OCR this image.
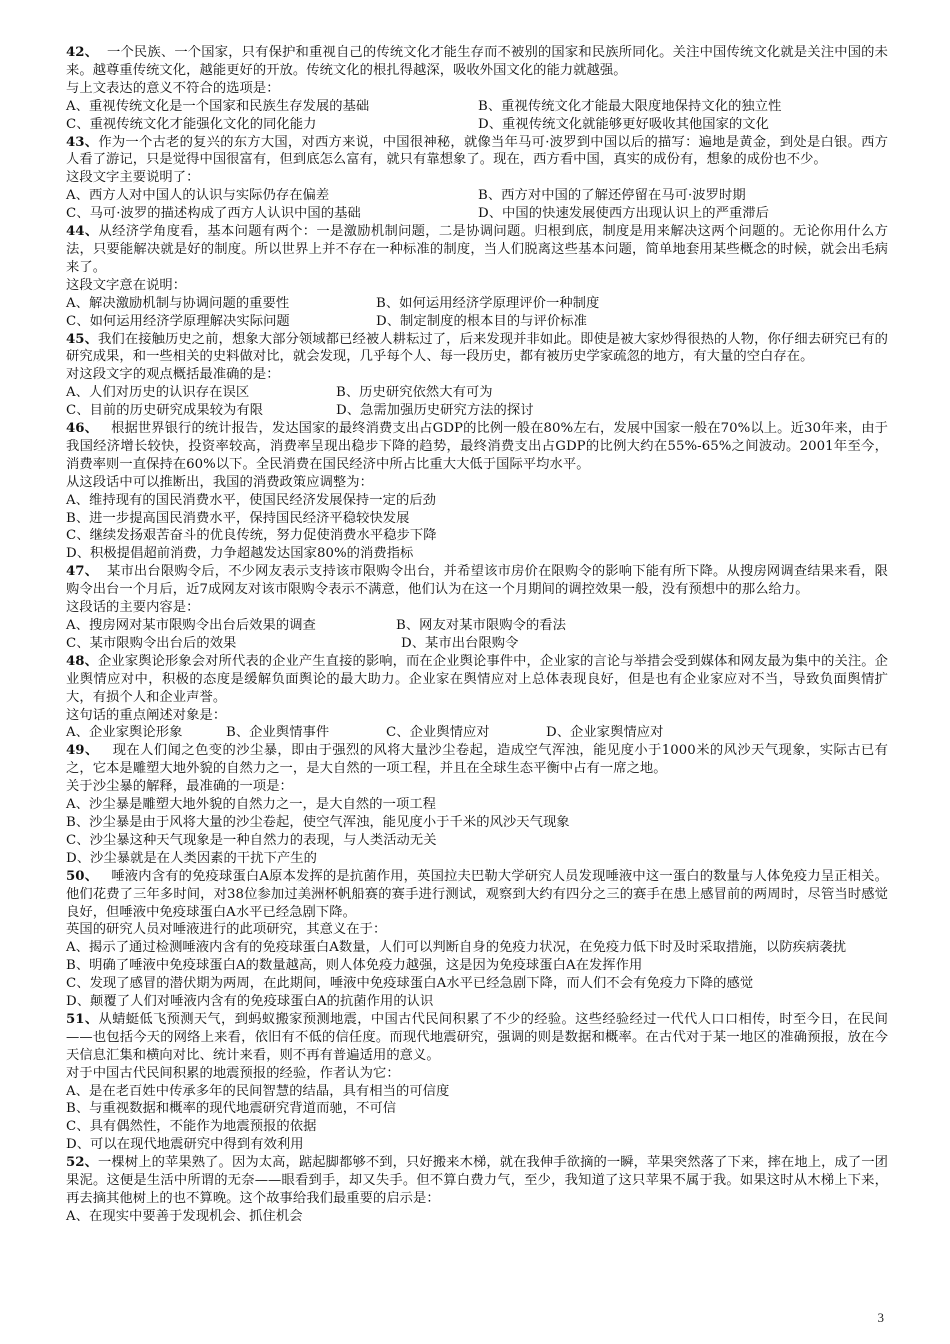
42、 一个民族、一个国家，只有保护和重视自己的传统文化才能生存而不被别的国家和民族所同化。关注中国传统文化就是关注中国的未来。越尊重传统文化，越能更好的开放。传统文化的根扎得越深，吸收外国文化的能力就越强。

与上文表达的意义不符合的选项是：

A、重视传统文化是一个国家和民族生存发展的基础	B、重视传统文化才能最大限度地保持文化的独立性
C、重视传统文化才能强化文化的同化能力	D、重视传统文化就能够更好吸收其他国家的文化

43、作为一个古老的复兴的东方大国，对西方来说，中国很神秘，就像当年马可·波罗到中国以后的描写：遍地是黄金，到处是白银。西方人看了游记，只是觉得中国很富有，但到底怎么富有，就只有靠想象了。现在，西方看中国，真实的成份有，想象的成份也不少。

这段文字主要说明了：

A、西方人对中国人的认识与实际仍存在偏差	B、西方对中国的了解还停留在马可·波罗时期
C、马可·波罗的描述构成了西方人认识中国的基础	D、中国的快速发展使西方出现认识上的严重滞后

44、从经济学角度看，基本问题有两个：一是激励机制问题，二是协调问题。归根到底，制度是用来解决这两个问题的。无论你用什么方法，只要能解决就是好的制度。所以世界上并不存在一种标准的制度，当人们脱离这些基本问题，简单地套用某些概念的时候，就会出毛病来了。

这段文字意在说明：

A、解决激励机制与协调问题的重要性	B、如何运用经济学原理评价一种制度
C、如何运用经济学原理解决实际问题	D、制定制度的根本目的与评价标准

45、我们在接触历史之前，想象大部分领域都已经被人耕耘过了，后来发现并非如此。即使是被大家炒得很热的人物，你仔细去研究已有的研究成果，和一些相关的史料做对比，就会发现，几乎每个人、每一段历史，都有被历史学家疏忽的地方，有大量的空白存在。

对这段文字的观点概括最准确的是：

A、人们对历史的认识存在误区	B、历史研究依然大有可为
C、目前的历史研究成果较为有限	D、急需加强历史研究方法的探讨

46、 根据世界银行的统计报告，发达国家的最终消费支出占GDP的比例一般在80%左右，发展中国家一般在70%以上。近30年来，由于我国经济增长较快，投资率较高，消费率呈现出稳步下降的趋势，最终消费支出占GDP的比例大约在55%-65%之间波动。2001年至今，消费率则一直保持在60%以下。全民消费在国民经济中所占比重大大低于国际平均水平。

从这段话中可以推断出，我国的消费政策应调整为：

A、维持现有的国民消费水平，使国民经济发展保持一定的后劲

B、进一步提高国民消费水平，保持国民经济平稳较快发展

C、继续发扬艰苦奋斗的优良传统，努力促使消费水平稳步下降

D、积极提倡超前消费，力争超越发达国家80%的消费指标

47、 某市出台限购令后，不少网友表示支持该市限购令出台，并希望该市房价在限购令的影响下能有所下降。从搜房网调查结果来看，限购令出台一个月后，近7成网友对该市限购令表示不满意，他们认为在这一个月期间的调控效果一般，没有预想中的那么给力。

这段话的主要内容是：

A、搜房网对某市限购令出台后效果的调查	B、网友对某市限购令的看法
C、某市限购令出台后的效果	D、某市出台限购令

48、企业家舆论形象会对所代表的企业产生直接的影响，而在企业舆论事件中，企业家的言论与举措会受到媒体和网友最为集中的关注。企业舆情应对中，积极的态度是缓解负面舆论的最大助力。企业家在舆情应对上总体表现良好，但是也有企业家应对不当，导致负面舆情扩大，有损个人和企业声誉。

这句话的重点阐述对象是：

A、企业家舆论形象	B、企业舆情事件	C、企业舆情应对	D、企业家舆情应对

49、 现在人们闻之色变的沙尘暴，即由于强烈的风将大量沙尘卷起，造成空气浑浊，能见度小于1000米的风沙天气现象，实际古已有之，它本是雕塑大地外貌的自然力之一，是大自然的一项工程，并且在全球生态平衡中占有一席之地。

关于沙尘暴的解释，最准确的一项是：

A、沙尘暴是雕塑大地外貌的自然力之一，是大自然的一项工程

B、沙尘暴是由于风将大量的沙尘卷起，使空气浑浊，能见度小于千米的风沙天气现象

C、沙尘暴这种天气现象是一种自然力的表现，与人类活动无关

D、沙尘暴就是在人类因素的干扰下产生的

50、 唾液内含有的免疫球蛋白A原本发挥的是抗菌作用，英国拉夫巴勒大学研究人员发现唾液中这一蛋白的数量与人体免疫力呈正相关。他们花费了三年多时间，对38位参加过美洲杯帆船赛的赛手进行测试，观察到大约有四分之三的赛手在患上感冒前的两周时，尽管当时感觉良好，但唾液中免疫球蛋白A水平已经急剧下降。

英国的研究人员对唾液进行的此项研究，其意义在于：

A、揭示了通过检测唾液内含有的免疫球蛋白A数量，人们可以判断自身的免疫力状况，在免疫力低下时及时采取措施，以防疾病袭扰

B、明确了唾液中免疫球蛋白A的数量越高，则人体免疫力越强，这是因为免疫球蛋白A在发挥作用

C、发现了感冒的潜伏期为两周，在此期间，唾液中免疫球蛋白A水平已经急剧下降，而人们不会有免疫力下降的感觉

D、颠覆了人们对唾液内含有的免疫球蛋白A的抗菌作用的认识

51、从蜻蜓低飞预测天气，到蚂蚁搬家预测地震，中国古代民间积累了不少的经验。这些经验经过一代代人口口相传，时至今日，在民间——也包括今天的网络上来看，依旧有不低的信任度。而现代地震研究，强调的则是数据和概率。在古代对于某一地区的准确预报，放在今天信息汇集和横向对比、统计来看，则不再有普遍适用的意义。

对于中国古代民间积累的地震预报的经验，作者认为它：

A、是在老百姓中传承多年的民间智慧的结晶，具有相当的可信度

B、与重视数据和概率的现代地震研究背道而驰，不可信

C、具有偶然性，不能作为地震预报的依据

D、可以在现代地震研究中得到有效利用

52、一棵树上的苹果熟了。因为太高，踮起脚都够不到，只好搬来木梯，就在我伸手欲摘的一瞬，苹果突然落了下来，摔在地上，成了一团果泥。这便是生活中所谓的无奈——眼看到手，却又失手。但不算白费力气，至少，我知道了这只苹果不属于我。如果这时从木梯上下来，再去摘其他树上的也不算晚。这个故事给我们最重要的启示是：

A、在现实中要善于发现机会、抓住机会

3
